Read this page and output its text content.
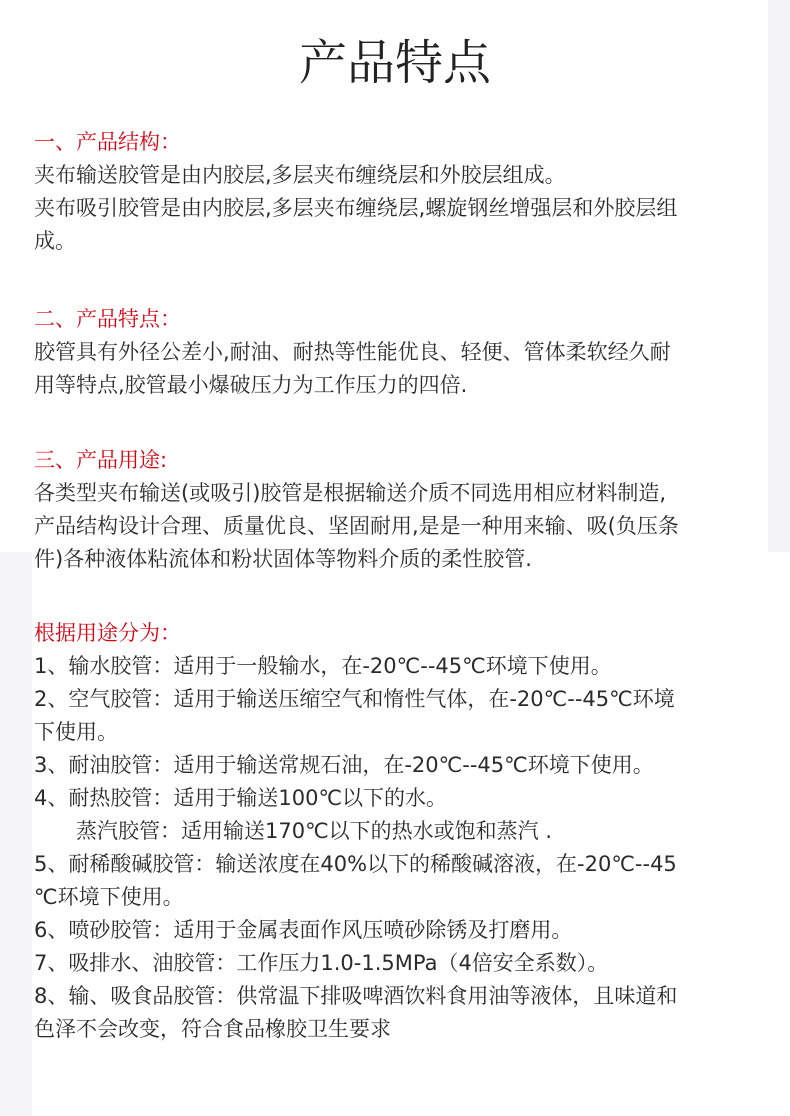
产品特点
一、产品结构：
夹布输送胶管是由内胶层,多层夹布缠绕层和外胶层组成。
夹布吸引胶管是由内胶层,多层夹布缠绕层,螺旋钢丝增强层和外胶层组
成。
二、产品特点：
胶管具有外径公差小,耐油、耐热等性能优良、轻便、管体柔软经久耐
用等特点,胶管最小爆破压力为工作压力的四倍.
三、产品用途:
各类型夹布输送(或吸引)胶管是根据输送介质不同选用相应材料制造,
产品结构设计合理、质量优良、坚固耐用,是是一种用来输、吸(负压条
件)各种液体粘流体和粉状固体等物料介质的柔性胶管.
根据用途分为：
1、输水胶管：适用于一般输水，在-20℃--45℃环境下使用。
2、空气胶管：适用于输送压缩空气和惰性气体，在-20℃--45℃环境
下使用。
3、耐油胶管：适用于输送常规石油，在-20℃--45℃环境下使用。
4、耐热胶管：适用于输送100℃以下的水。
蒸汽胶管：适用输送170℃以下的热水或饱和蒸汽 .
5、耐稀酸碱胶管：输送浓度在40%以下的稀酸碱溶液，在-20℃--45
℃环境下使用。
6、喷砂胶管：适用于金属表面作风压喷砂除锈及打磨用。
7、吸排水、油胶管：工作压力1.0-1.5MPa（4倍安全系数）。
8、输、吸食品胶管：供常温下排吸啤酒饮料食用油等液体，且味道和
色泽不会改变，符合食品橡胶卫生要求
